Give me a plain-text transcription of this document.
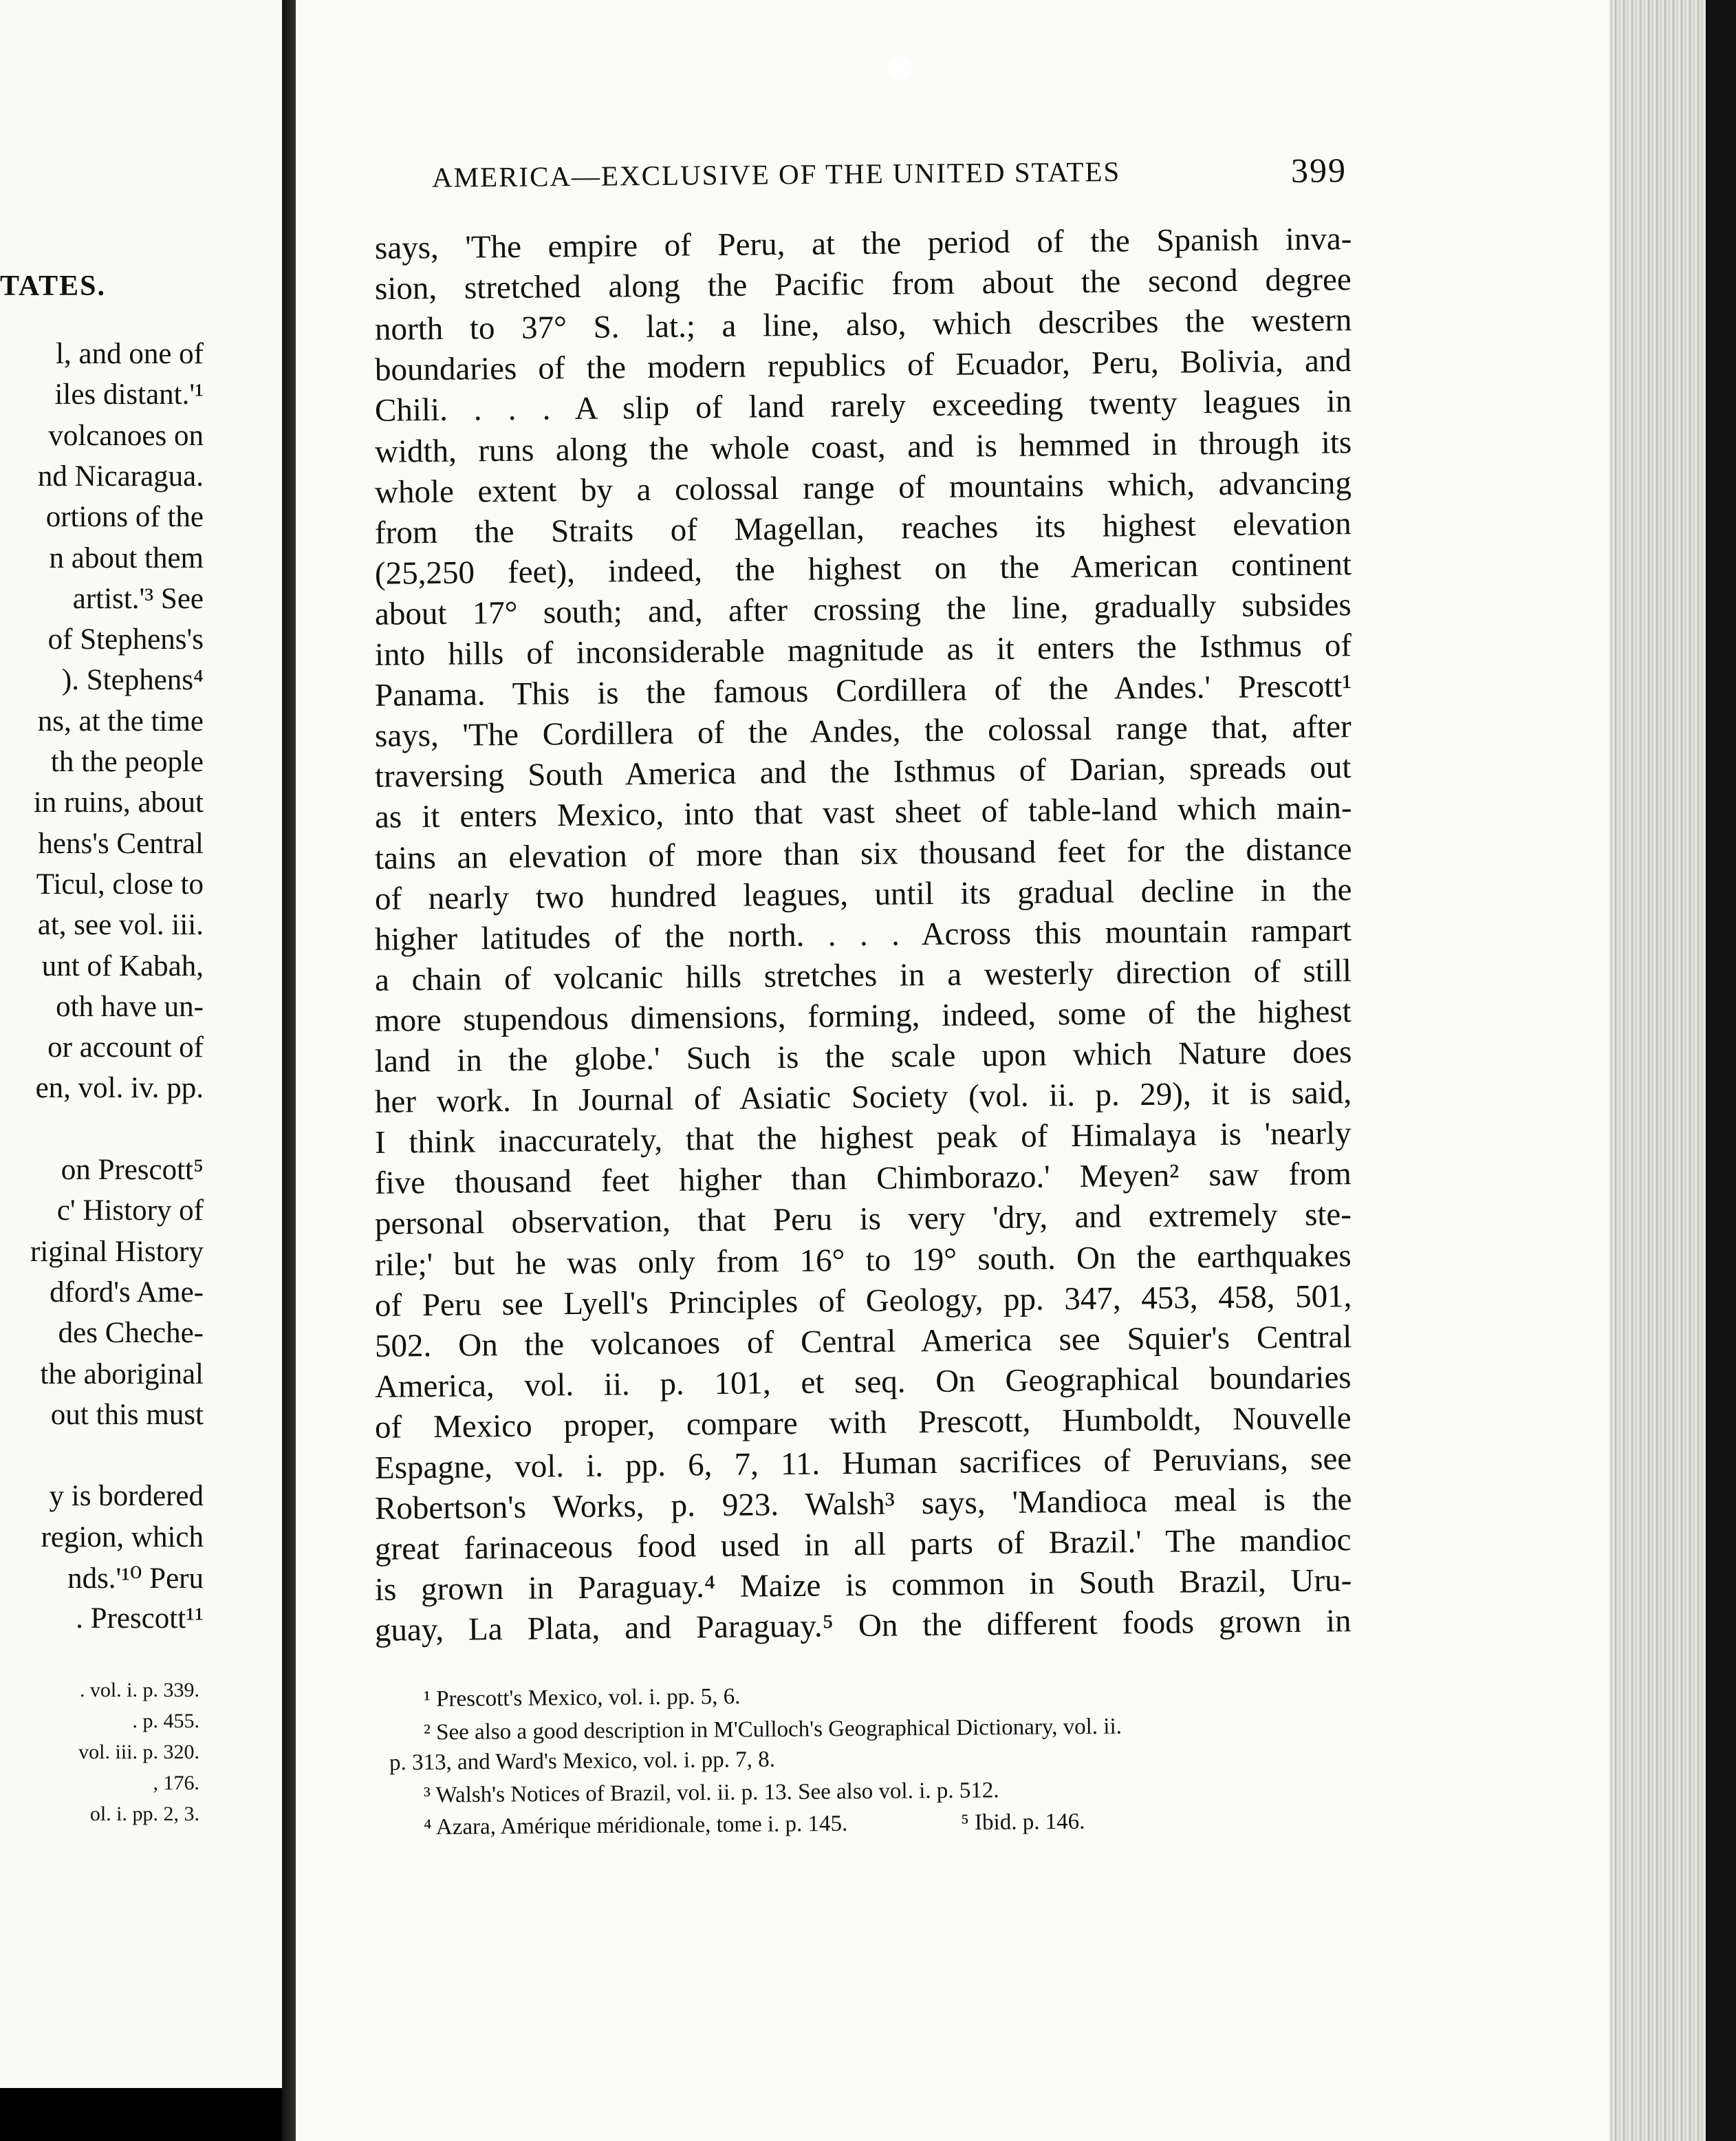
TATES.
l, and one of
iles distant.'¹
volcanoes on
nd Nicaragua.
ortions of the
n about them
artist.'³ See
of Stephens's
). Stephens⁴
ns, at the time
th the people
in ruins, about
hens's Central
Ticul, close to
at, see vol. iii.
unt of Kabah,
oth have un-
or account of
en, vol. iv. pp.
on Prescott⁵
c' History of
riginal History
dford's Ame-
des Cheche-
the aboriginal
out this must
y is bordered
region, which
nds.'¹⁰ Peru
. Prescott¹¹
. vol. i. p. 339.
. p. 455.
vol. iii. p. 320.
, 176.
ol. i. pp. 2, 3.
AMERICA—EXCLUSIVE OF THE UNITED STATES	399
says, 'The empire of Peru, at the period of the Spanish inva-
sion, stretched along the Pacific from about the second degree
north to 37° S. lat.; a line, also, which describes the western
boundaries of the modern republics of Ecuador, Peru, Bolivia, and
Chili. . . . A slip of land rarely exceeding twenty leagues in
width, runs along the whole coast, and is hemmed in through its
whole extent by a colossal range of mountains which, advancing
from the Straits of Magellan, reaches its highest elevation
(25,250 feet), indeed, the highest on the American continent
about 17° south; and, after crossing the line, gradually subsides
into hills of inconsiderable magnitude as it enters the Isthmus of
Panama. This is the famous Cordillera of the Andes.' Prescott¹
says, 'The Cordillera of the Andes, the colossal range that, after
traversing South America and the Isthmus of Darian, spreads out
as it enters Mexico, into that vast sheet of table-land which main-
tains an elevation of more than six thousand feet for the distance
of nearly two hundred leagues, until its gradual decline in the
higher latitudes of the north. . . . Across this mountain rampart
a chain of volcanic hills stretches in a westerly direction of still
more stupendous dimensions, forming, indeed, some of the highest
land in the globe.' Such is the scale upon which Nature does
her work. In Journal of Asiatic Society (vol. ii. p. 29), it is said,
I think inaccurately, that the highest peak of Himalaya is 'nearly
five thousand feet higher than Chimborazo.' Meyen² saw from
personal observation, that Peru is very 'dry, and extremely ste-
rile;' but he was only from 16° to 19° south. On the earthquakes
of Peru see Lyell's Principles of Geology, pp. 347, 453, 458, 501,
502. On the volcanoes of Central America see Squier's Central
America, vol. ii. p. 101, et seq. On Geographical boundaries
of Mexico proper, compare with Prescott, Humboldt, Nouvelle
Espagne, vol. i. pp. 6, 7, 11. Human sacrifices of Peruvians, see
Robertson's Works, p. 923. Walsh³ says, 'Mandioca meal is the
great farinaceous food used in all parts of Brazil.' The mandioc
is grown in Paraguay.⁴ Maize is common in South Brazil, Uru-
guay, La Plata, and Paraguay.⁵ On the different foods grown in
¹ Prescott's Mexico, vol. i. pp. 5, 6.
² See also a good description in M'Culloch's Geographical Dictionary, vol. ii.
p. 313, and Ward's Mexico, vol. i. pp. 7, 8.
³ Walsh's Notices of Brazil, vol. ii. p. 13. See also vol. i. p. 512.
⁴ Azara, Amérique méridionale, tome i. p. 145.                    ⁵ Ibid. p. 146.
